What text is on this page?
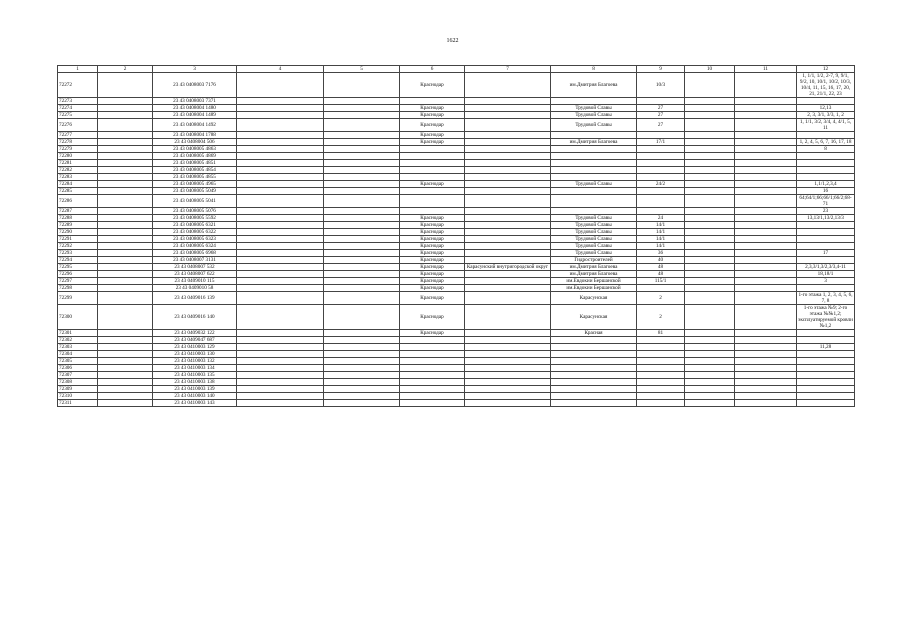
1622
1	2	3	4	5	6	7	8	9	10	11	12
72272		23 43 0408003 7176			Краснодар		им.Дмитрия Благоева	10/3			1, 1/1, 1/2, 2-7, 9, 9/1, 9/2, 10, 10/1, 10/2, 10/3, 10/4, 11, 15, 16, 17, 20, 21, 21/1, 22, 23
72273		23 43 0408003 7371									
72274		23 43 0408004 1480			Краснодар		Трудовой Славы	27			12,13
72275		23 43 0408004 1489			Краснодар		Трудовой Славы	27			2, 3, 3/1, 3/3, 1, 2
72276		23 43 0408004 1492			Краснодар		Трудовой Славы	27			1, 1/1, 3/2, 3/4, 4, 4/1, 5, 11
72277		23 43 0408004 1788			Краснодар						
72278		23 43 0408004 506			Краснодар		им.Дмитрия Благоева	17/1			1, 2, 4, 5, 6, 7, 16, 17, 18
72279		23 43 0408005 4863									8
72280		23 43 0408005 4869									
72281		23 43 0408005 4851									
72282		23 43 0408005 4854									
72283		23 43 0408005 4855									
72284		23 43 0408005 4965			Краснодар		Трудовой Славы	24/2			1,1/1,2,3,4
72285		23 43 0408005 5049									16
72286		23 43 0408005 5041									64;64/1;66;66/1;66/2;68-71
72287		23 43 0408005 5076									23
72288		23 43 0408005 5592			Краснодар		Трудовой Славы	24			13,13/1,13/2,13/3
72289		23 43 0408005 6321			Краснодар		Трудовой Славы	14/1			
72290		23 43 0408005 6322			Краснодар		Трудовой Славы	14/1			
72291		23 43 0408005 6323			Краснодар		Трудовой Славы	14/1			
72292		23 43 0408005 6324			Краснодар		Трудовой Славы	14/1			
72293		23 43 0408005 6968			Краснодар		Трудовой Славы	36			17
72294		23 43 0408007 3131			Краснодар		Гидростроителей	40			
72295		23 43 0408007 532			Краснодар	Карасунский внутригородской округ	им.Дмитрия Благоева	48			2,3,3/1,3/2,3/3,4-11
72296		23 43 0408007 622			Краснодар		им.Дмитрия Благоева	48			18,18/1
72297		23 43 0409010 115			Краснодар		им.Евдокии Бершанской	115/1			3
72298		23 43 0409010 58			Краснодар		им.Евдокии Бершанской				
72299		23 43 0409016 139			Краснодар		Карасунская	2			1-го этажа 1, 2, 3, 4, 5, 6, 7, 8
72300		23 43 0409016 140			Краснодар		Карасунская	2			1-го этажа №9; 2-го этажа №№1,2; эксплуатируемой кровли №1,2
72301		23 43 0409032 122			Краснодар		Красная	81			
72302		23 43 0409047 687									
72303		23 43 0410003 129									11,28
72304		23 43 0410003 130									
72305		23 43 0410003 132									
72306		23 43 0410003 134									
72307		23 43 0410003 135									
72308		23 43 0410003 138									
72309		23 43 0410003 139									
72310		23 43 0410003 140									
72311		23 43 0410003 143									
